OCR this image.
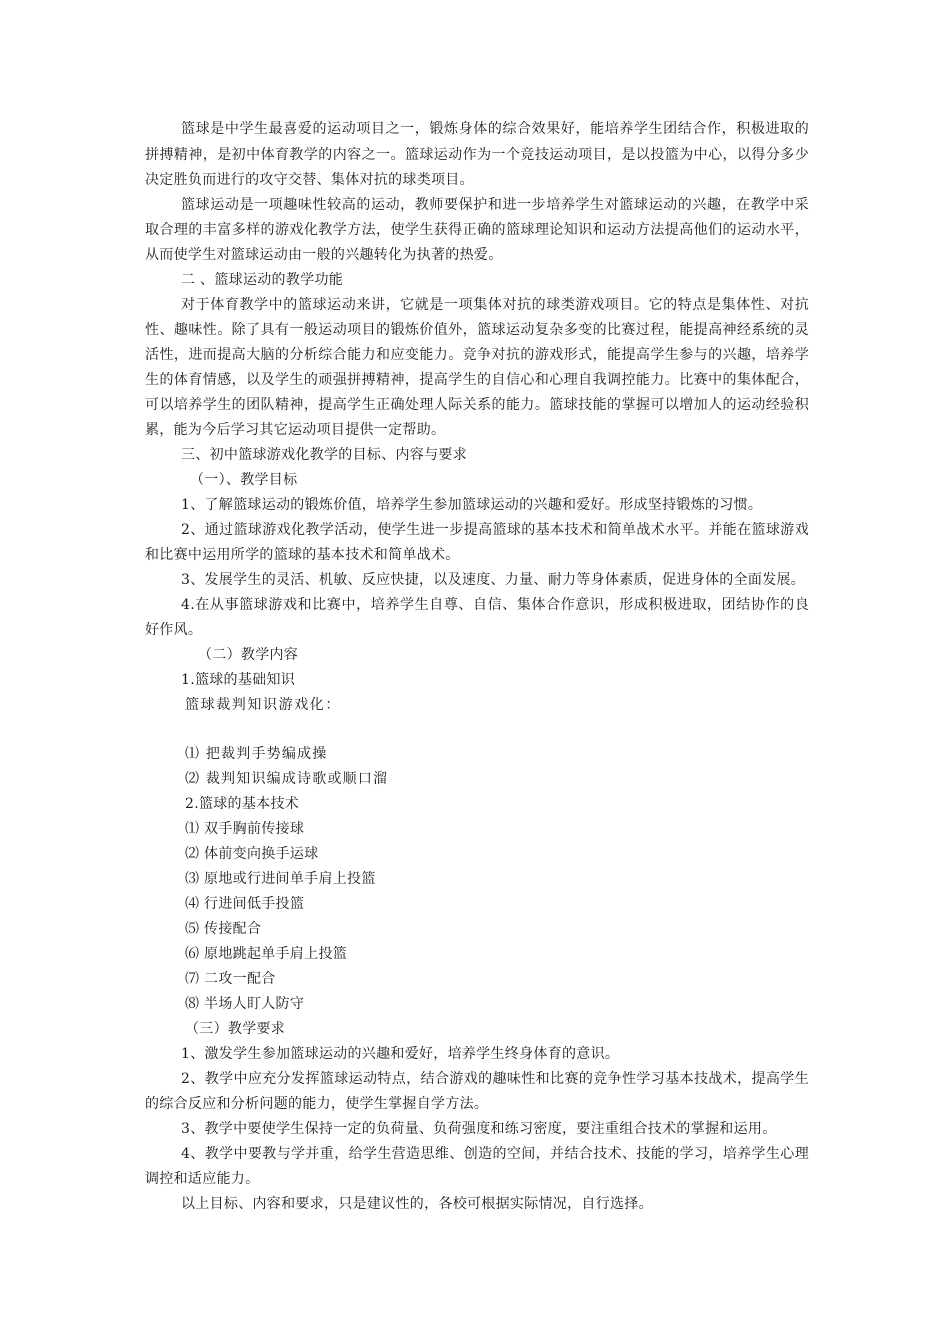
篮球是中学生最喜爱的运动项目之一，锻炼身体的综合效果好，能培养学生团结合作，积极进取的
拼搏精神，是初中体育教学的内容之一。篮球运动作为一个竞技运动项目，是以投篮为中心，以得分多少
决定胜负而进行的攻守交替、集体对抗的球类项目。
篮球运动是一项趣味性较高的运动，教师要保护和进一步培养学生对篮球运动的兴趣，在教学中采
取合理的丰富多样的游戏化教学方法，使学生获得正确的篮球理论知识和运动方法提高他们的运动水平，
从而使学生对篮球运动由一般的兴趣转化为执著的热爱。
二 、篮球运动的教学功能
对于体育教学中的篮球运动来讲，它就是一项集体对抗的球类游戏项目。它的特点是集体性、对抗
性、趣味性。除了具有一般运动项目的锻炼价值外，篮球运动复杂多变的比赛过程，能提高神经系统的灵
活性，进而提高大脑的分析综合能力和应变能力。竞争对抗的游戏形式，能提高学生参与的兴趣，培养学
生的体育情感，以及学生的顽强拼搏精神，提高学生的自信心和心理自我调控能力。比赛中的集体配合，
可以培养学生的团队精神，提高学生正确处理人际关系的能力。篮球技能的掌握可以增加人的运动经验积
累，能为今后学习其它运动项目提供一定帮助。
三、初中篮球游戏化教学的目标、内容与要求
（一）、教学目标
1、了解篮球运动的锻炼价值，培养学生参加篮球运动的兴趣和爱好。形成坚持锻炼的习惯。
2、通过篮球游戏化教学活动，使学生进一步提高篮球的基本技术和简单战术水平。并能在篮球游戏
和比赛中运用所学的篮球的基本技术和简单战术。
3、发展学生的灵活、机敏、反应快捷，以及速度、力量、耐力等身体素质，促进身体的全面发展。
4.在从事篮球游戏和比赛中，培养学生自尊、自信、集体合作意识，形成积极进取，团结协作的良
好作风。
（二）教学内容
1.篮球的基础知识
篮球裁判知识游戏化：
⑴ 把裁判手势编成操
⑵ 裁判知识编成诗歌或顺口溜
2.篮球的基本技术
⑴ 双手胸前传接球
⑵ 体前变向换手运球
⑶ 原地或行进间单手肩上投篮
⑷ 行进间低手投篮
⑸ 传接配合
⑹ 原地跳起单手肩上投篮
⑺ 二攻一配合
⑻ 半场人盯人防守
（三）教学要求
1、激发学生参加篮球运动的兴趣和爱好，培养学生终身体育的意识。
2、教学中应充分发挥篮球运动特点，结合游戏的趣味性和比赛的竞争性学习基本技战术，提高学生
的综合反应和分析问题的能力，使学生掌握自学方法。
3、教学中要使学生保持一定的负荷量、负荷强度和练习密度，要注重组合技术的掌握和运用。
4、教学中要教与学并重，给学生营造思维、创造的空间，并结合技术、技能的学习，培养学生心理
调控和适应能力。
以上目标、内容和要求，只是建议性的，各校可根据实际情况，自行选择。
